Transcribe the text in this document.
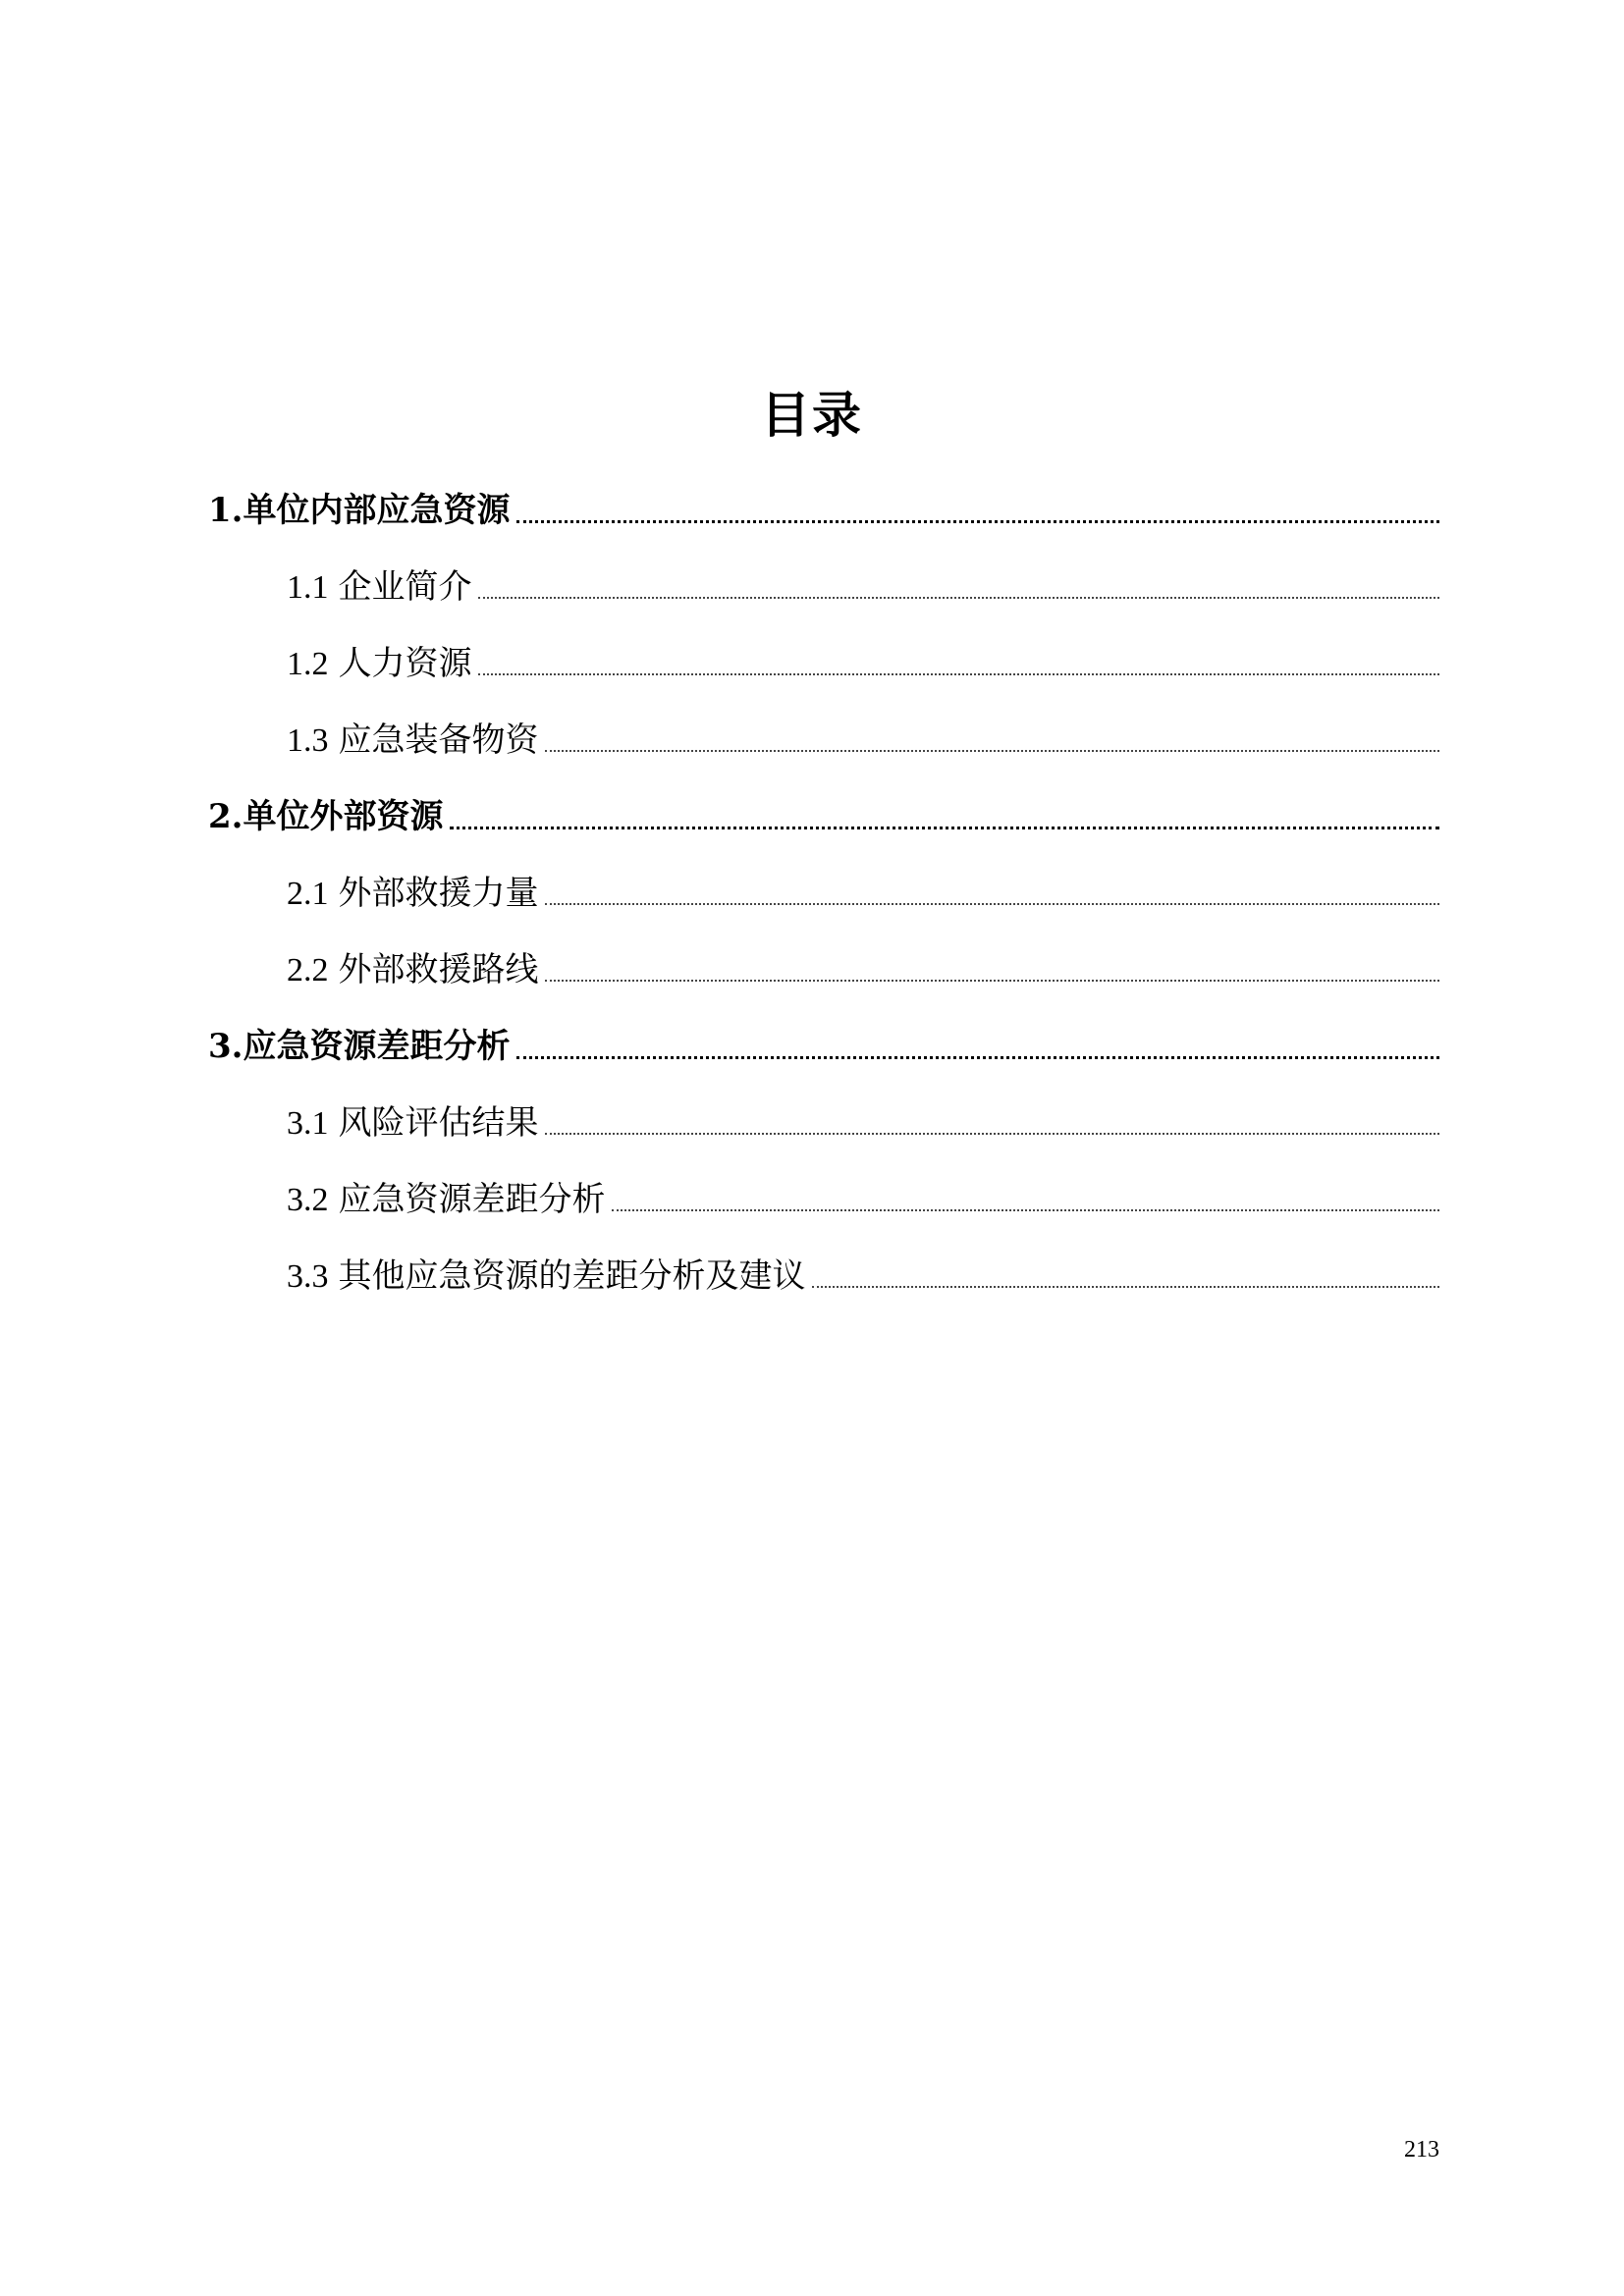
目录
1. 单位内部应急资源
1.1 企业简介
1.2 人力资源
1.3 应急装备物资
2. 单位外部资源
2.1 外部救援力量
2.2 外部救援路线
3. 应急资源差距分析
3.1 风险评估结果
3.2 应急资源差距分析
3.3 其他应急资源的差距分析及建议
213
